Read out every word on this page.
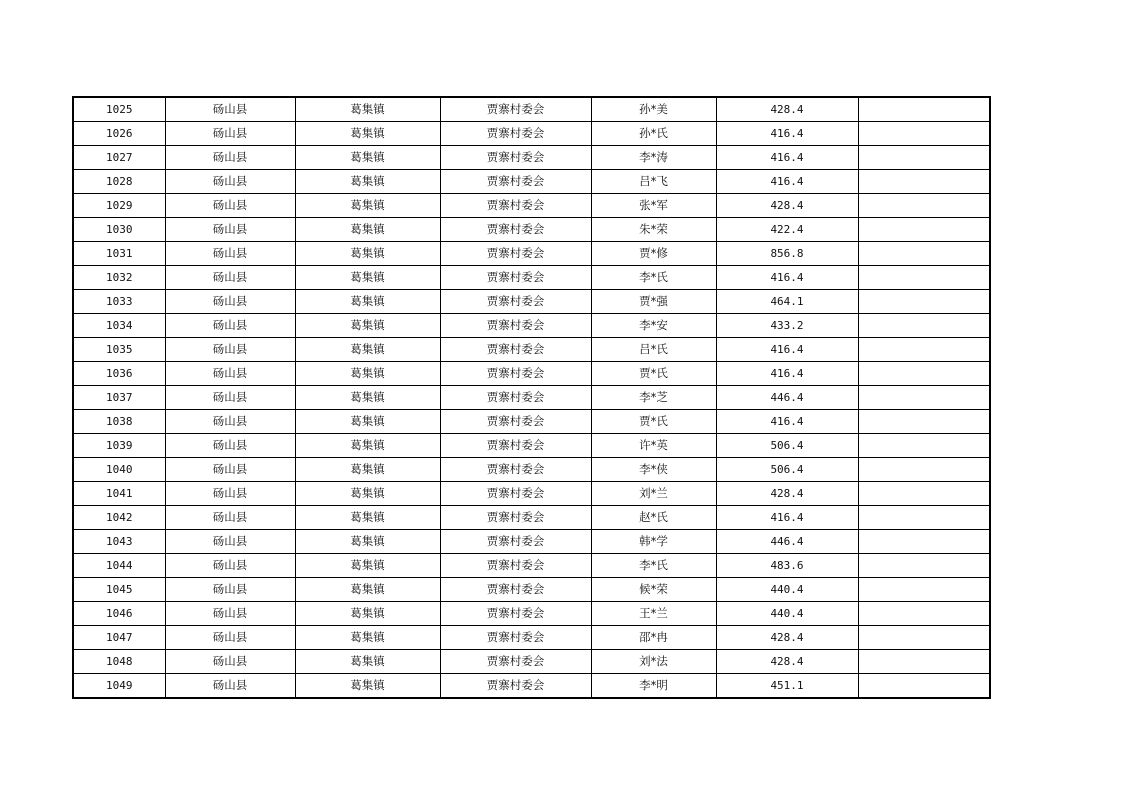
1025	砀山县	葛集镇	贾寨村委会	孙*美	428.4	
1026	砀山县	葛集镇	贾寨村委会	孙*氏	416.4	
1027	砀山县	葛集镇	贾寨村委会	李*涛	416.4	
1028	砀山县	葛集镇	贾寨村委会	吕*飞	416.4	
1029	砀山县	葛集镇	贾寨村委会	张*军	428.4	
1030	砀山县	葛集镇	贾寨村委会	朱*荣	422.4	
1031	砀山县	葛集镇	贾寨村委会	贾*修	856.8	
1032	砀山县	葛集镇	贾寨村委会	李*氏	416.4	
1033	砀山县	葛集镇	贾寨村委会	贾*强	464.1	
1034	砀山县	葛集镇	贾寨村委会	李*安	433.2	
1035	砀山县	葛集镇	贾寨村委会	吕*氏	416.4	
1036	砀山县	葛集镇	贾寨村委会	贾*氏	416.4	
1037	砀山县	葛集镇	贾寨村委会	李*芝	446.4	
1038	砀山县	葛集镇	贾寨村委会	贾*氏	416.4	
1039	砀山县	葛集镇	贾寨村委会	许*英	506.4	
1040	砀山县	葛集镇	贾寨村委会	李*侠	506.4	
1041	砀山县	葛集镇	贾寨村委会	刘*兰	428.4	
1042	砀山县	葛集镇	贾寨村委会	赵*氏	416.4	
1043	砀山县	葛集镇	贾寨村委会	韩*学	446.4	
1044	砀山县	葛集镇	贾寨村委会	李*氏	483.6	
1045	砀山县	葛集镇	贾寨村委会	候*荣	440.4	
1046	砀山县	葛集镇	贾寨村委会	王*兰	440.4	
1047	砀山县	葛集镇	贾寨村委会	邵*冉	428.4	
1048	砀山县	葛集镇	贾寨村委会	刘*法	428.4	
1049	砀山县	葛集镇	贾寨村委会	李*明	451.1	
